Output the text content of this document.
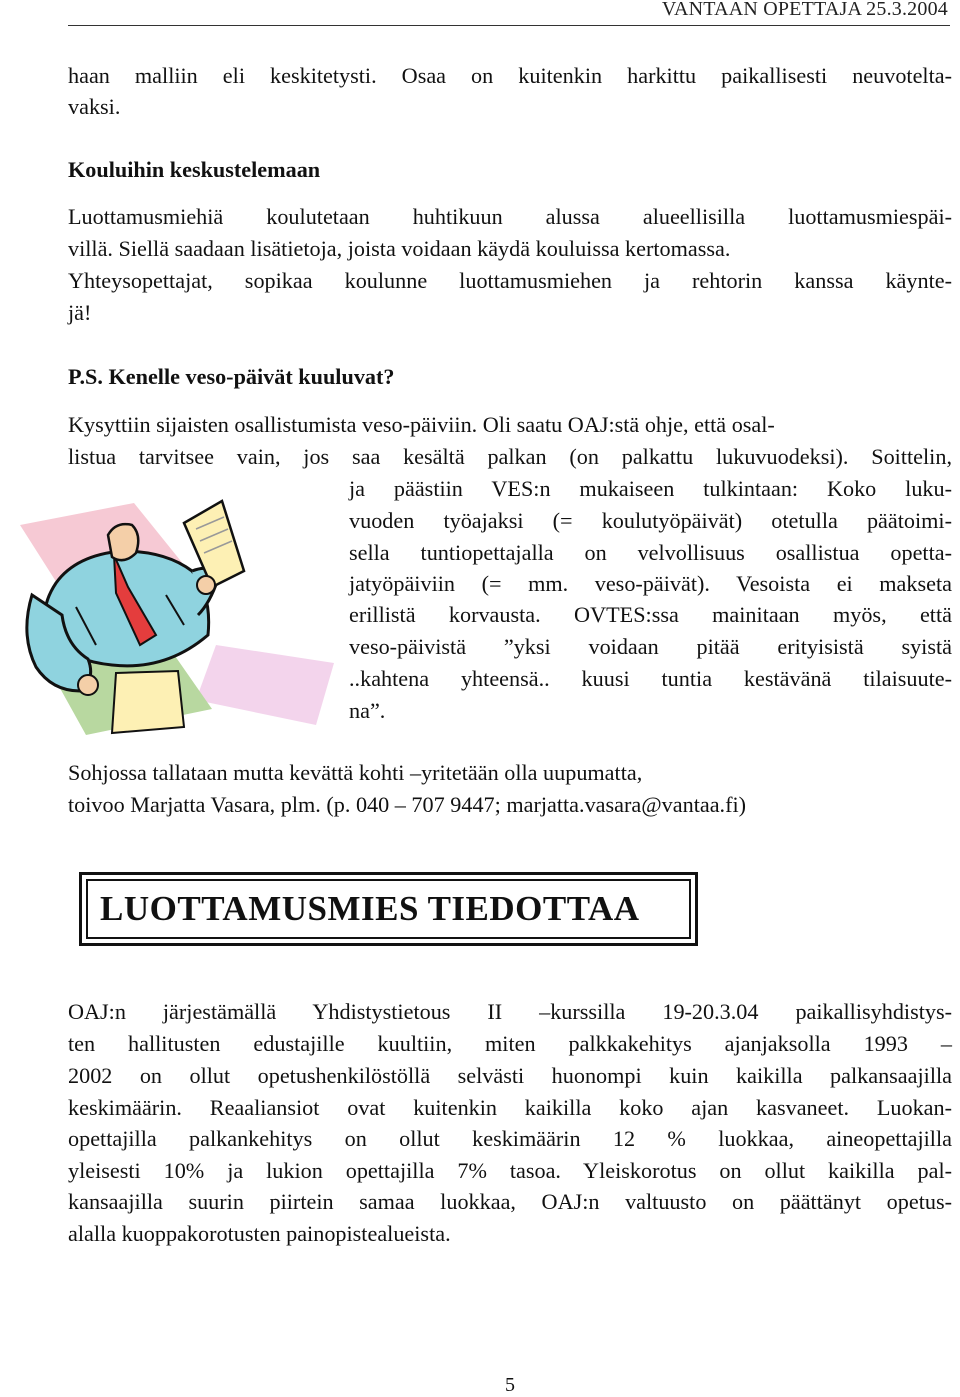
VANTAAN OPETTAJA 25.3.2004
haan malliin eli keskitetysti. Osaa on kuitenkin harkittu paikallisesti neuvotelta-
vaksi.
Kouluihin keskustelemaan
Luottamusmiehiä koulutetaan huhtikuun alussa alueellisilla luottamusmiespäi-
villä. Siellä saadaan lisätietoja, joista voidaan käydä kouluissa kertomassa.
Yhteysopettajat, sopikaa koulunne luottamusmiehen ja rehtorin kanssa käynte-
jä!
P.S. Kenelle veso-päivät kuuluvat?
Kysyttiin sijaisten osallistumista veso-päiviin. Oli saatu OAJ:stä ohje, että osal-
listua tarvitsee vain, jos saa kesältä palkan (on palkattu lukuvuodeksi). Soittelin,
ja päästiin VES:n mukaiseen tulkintaan: Koko luku-
vuoden työajaksi (= koulutyöpäivät) otetulla päätoimi-
sella tuntiopettajalla on velvollisuus osallistua opetta-
jatyöpäiviin (= mm. veso-päivät). Vesoista ei makseta
erillistä korvausta. OVTES:ssa mainitaan myös, että
veso-päivistä ”yksi voidaan pitää erityisistä syistä
..kahtena yhteensä.. kuusi tuntia kestävänä tilaisuute-
na”.
Sohjossa tallataan mutta kevättä kohti –yritetään olla uupumatta,
toivoo Marjatta Vasara, plm. (p. 040 – 707 9447; marjatta.vasara@vantaa.fi)
LUOTTAMUSMIES TIEDOTTAA
OAJ:n järjestämällä Yhdistystietous II –kurssilla 19-20.3.04 paikallisyhdistys-
ten hallitusten edustajille kuultiin, miten palkkakehitys ajanjaksolla 1993 –
2002 on ollut opetushenkilöstöllä selvästi huonompi kuin kaikilla palkansaajilla
keskimäärin. Reaaliansiot ovat kuitenkin kaikilla koko ajan kasvaneet. Luokan-
opettajilla palkankehitys on ollut keskimäärin 12 % luokkaa, aineopettajilla
yleisesti 10% ja lukion opettajilla 7% tasoa. Yleiskorotus on ollut kaikilla pal-
kansaajilla suurin piirtein samaa luokkaa, OAJ:n valtuusto on päättänyt opetus-
alalla kuoppakorotusten painopistealueista.
5
